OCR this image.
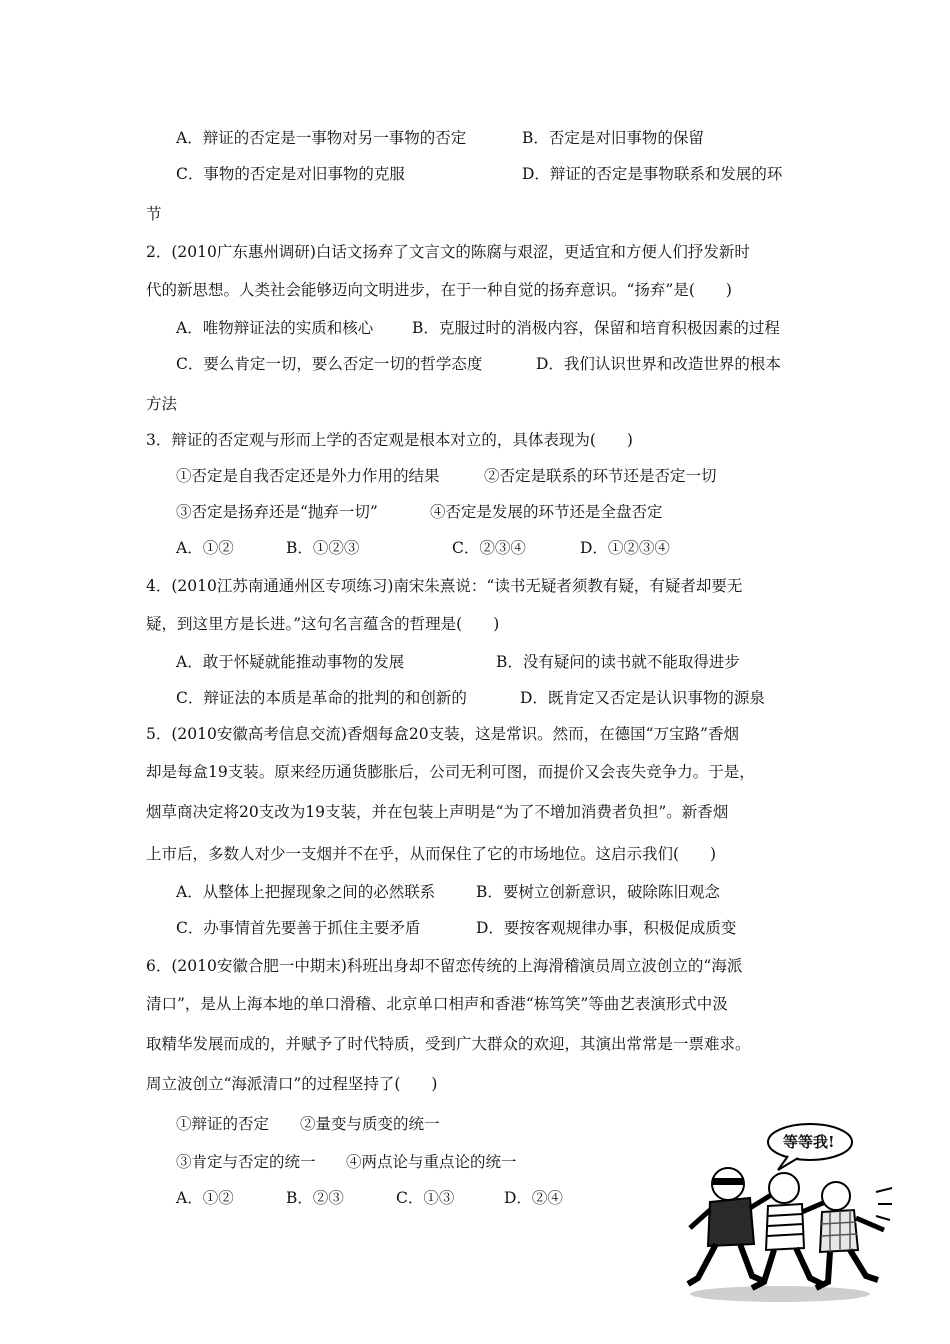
A．辩证的否定是一事物对另一事物的否定	B．否定是对旧事物的保留
C．事物的否定是对旧事物的克服	D．辩证的否定是事物联系和发展的环
节
2．(2010广东惠州调研)白话文扬弃了文言文的陈腐与艰涩，更适宜和方便人们抒发新时
代的新思想。人类社会能够迈向文明进步，在于一种自觉的扬弃意识。“扬弃”是(　　)
A．唯物辩证法的实质和核心	B．克服过时的消极内容，保留和培育积极因素的过程
C．要么肯定一切，要么否定一切的哲学态度	D．我们认识世界和改造世界的根本
方法
3．辩证的否定观与形而上学的否定观是根本对立的，具体表现为(　　)
①否定是自我否定还是外力作用的结果	②否定是联系的环节还是否定一切
③否定是扬弃还是“抛弃一切”	④否定是发展的环节还是全盘否定
A．①②	B．①②③	C．②③④	D．①②③④
4．(2010江苏南通通州区专项练习)南宋朱熹说：“读书无疑者须教有疑，有疑者却要无
疑，到这里方是长进。”这句名言蕴含的哲理是(　　)
A．敢于怀疑就能推动事物的发展	B．没有疑问的读书就不能取得进步
C．辩证法的本质是革命的批判的和创新的	D．既肯定又否定是认识事物的源泉
5．(2010安徽高考信息交流)香烟每盒20支装，这是常识。然而，在德国“万宝路”香烟
却是每盒19支装。原来经历通货膨胀后，公司无利可图，而提价又会丧失竞争力。于是，
烟草商决定将20支改为19支装，并在包装上声明是“为了不增加消费者负担”。新香烟
上市后，多数人对少一支烟并不在乎，从而保住了它的市场地位。这启示我们(　　)
A．从整体上把握现象之间的必然联系	B．要树立创新意识，破除陈旧观念
C．办事情首先要善于抓住主要矛盾	D．要按客观规律办事，积极促成质变
6．(2010安徽合肥一中期末)科班出身却不留恋传统的上海滑稽演员周立波创立的“海派
清口”，是从上海本地的单口滑稽、北京单口相声和香港“栋笃笑”等曲艺表演形式中汲
取精华发展而成的，并赋予了时代特质，受到广大群众的欢迎，其演出常常是一票难求。
周立波创立“海派清口”的过程坚持了(　　)
①辩证的否定 ②量变与质变的统一
③肯定与否定的统一 ④两点论与重点论的统一
A．①②	B．②③	C．①③	D．②④
等等我!
